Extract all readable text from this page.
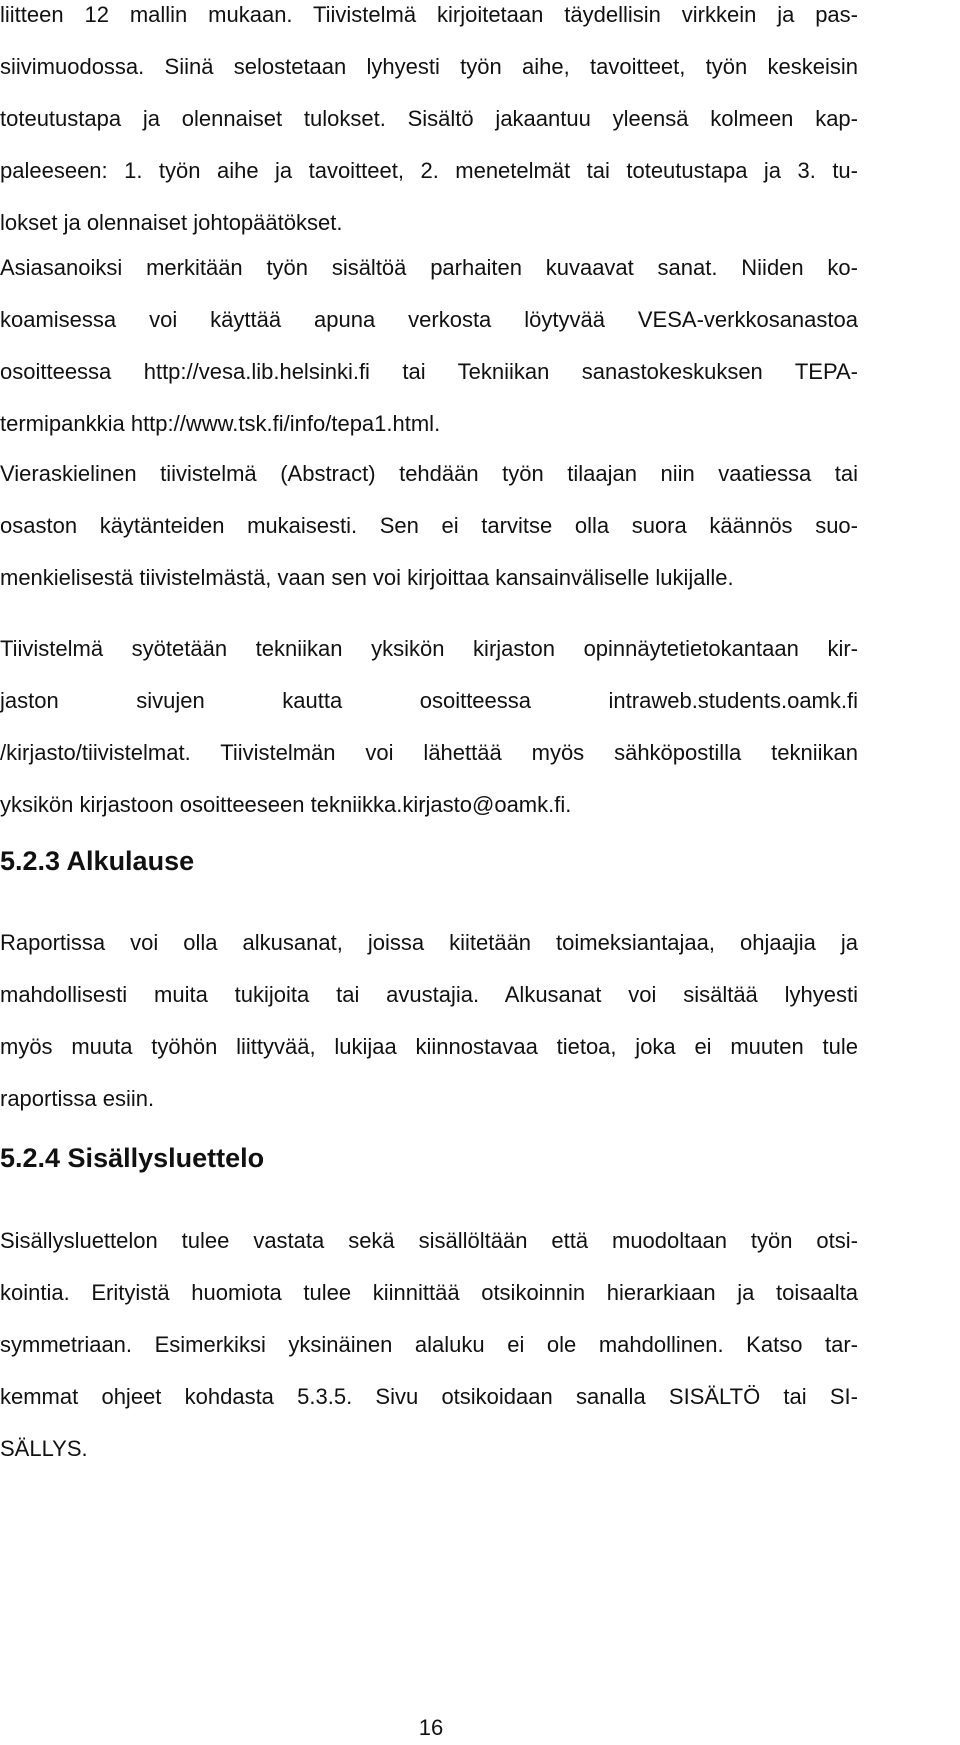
liitteen 12 mallin mukaan. Tiivistelmä kirjoitetaan täydellisin virkkein ja pas-
siivimuodossa. Siinä selostetaan lyhyesti työn aihe, tavoitteet, työn keskeisin
toteutustapa ja olennaiset tulokset. Sisältö jakaantuu yleensä kolmeen kap-
paleeseen: 1. työn aihe ja tavoitteet, 2. menetelmät tai toteutustapa ja 3. tu-
lokset ja olennaiset johtopäätökset.
Asiasanoiksi merkitään työn sisältöä parhaiten kuvaavat sanat. Niiden ko-
koamisessa voi käyttää apuna verkosta löytyvää VESA-verkkosanastoa
osoitteessa http://vesa.lib.helsinki.fi tai Tekniikan sanastokeskuksen TEPA-
termipankkia http://www.tsk.fi/info/tepa1.html.
Vieraskielinen tiivistelmä (Abstract) tehdään työn tilaajan niin vaatiessa tai
osaston käytänteiden mukaisesti. Sen ei tarvitse olla suora käännös suo-
menkielisestä tiivistelmästä, vaan sen voi kirjoittaa kansainväliselle lukijalle.
Tiivistelmä syötetään tekniikan yksikön kirjaston opinnäytetietokantaan kir-
jaston sivujen kautta osoitteessa intraweb.students.oamk.fi
/kirjasto/tiivistelmat. Tiivistelmän voi lähettää myös sähköpostilla tekniikan
yksikön kirjastoon osoitteeseen tekniikka.kirjasto@oamk.fi.
5.2.3 Alkulause
Raportissa voi olla alkusanat, joissa kiitetään toimeksiantajaa, ohjaajia ja
mahdollisesti muita tukijoita tai avustajia. Alkusanat voi sisältää lyhyesti
myös muuta työhön liittyvää, lukijaa kiinnostavaa tietoa, joka ei muuten tule
raportissa esiin.
5.2.4 Sisällysluettelo
Sisällysluettelon tulee vastata sekä sisällöltään että muodoltaan työn otsi-
kointia. Erityistä huomiota tulee kiinnittää otsikoinnin hierarkiaan ja toisaalta
symmetriaan. Esimerkiksi yksinäinen alaluku ei ole mahdollinen. Katso tar-
kemmat ohjeet kohdasta 5.3.5. Sivu otsikoidaan sanalla SISÄLTÖ tai SI-
SÄLLYS.
16
